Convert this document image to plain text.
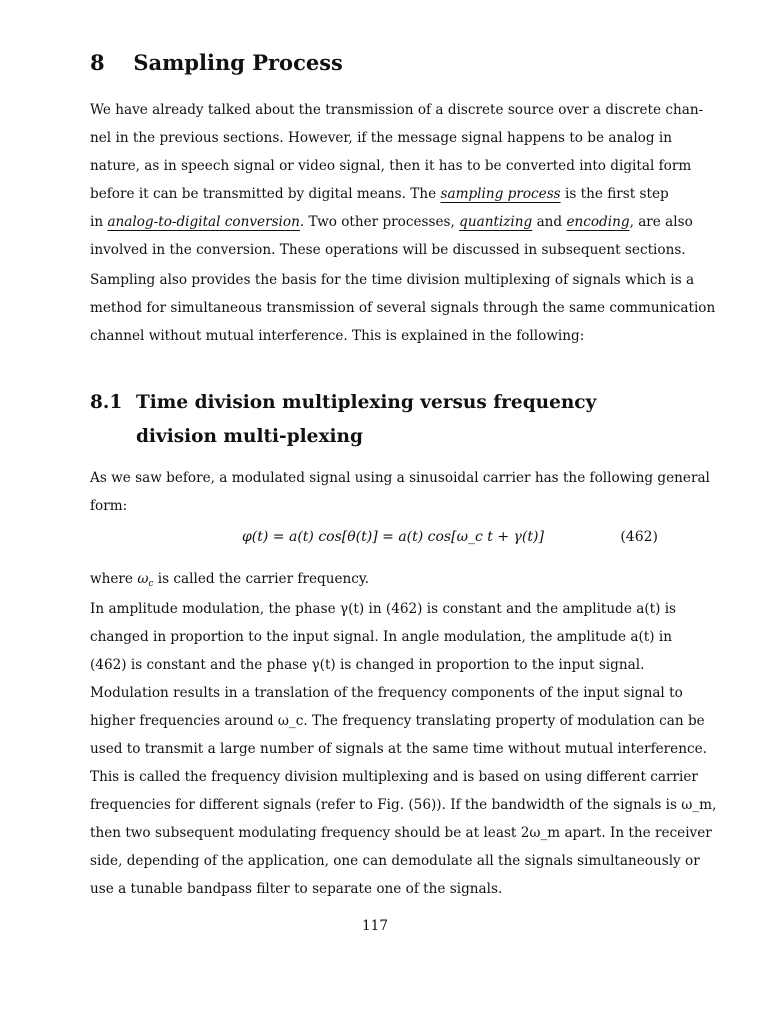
8 Sampling Process
We have already talked about the transmission of a discrete source over a discrete chan-
nel in the previous sections. However, if the message signal happens to be analog in
nature, as in speech signal or video signal, then it has to be converted into digital form
before it can be transmitted by digital means. The sampling process is the first step
in analog-to-digital conversion. Two other processes, quantizing and encoding, are also
involved in the conversion. These operations will be discussed in subsequent sections.
Sampling also provides the basis for the time division multiplexing of signals which is a
method for simultaneous transmission of several signals through the same communication
channel without mutual interference. This is explained in the following:
8.1 Time division multiplexing versus frequency division multi-plexing
As we saw before, a modulated signal using a sinusoidal carrier has the following general
form:
φ(t) = a(t) cos[θ(t)] = a(t) cos[ω_c t + γ(t)]	(462)
where $\omega_c$ is called the carrier frequency.
In amplitude modulation, the phase γ(t) in (462) is constant and the amplitude a(t) is
changed in proportion to the input signal. In angle modulation, the amplitude a(t) in
(462) is constant and the phase γ(t) is changed in proportion to the input signal.
Modulation results in a translation of the frequency components of the input signal to
higher frequencies around ω_c. The frequency translating property of modulation can be
used to transmit a large number of signals at the same time without mutual interference.
This is called the frequency division multiplexing and is based on using different carrier
frequencies for different signals (refer to Fig. (56)). If the bandwidth of the signals is ω_m,
then two subsequent modulating frequency should be at least 2ω_m apart. In the receiver
side, depending of the application, one can demodulate all the signals simultaneously or
use a tunable bandpass filter to separate one of the signals.
117
